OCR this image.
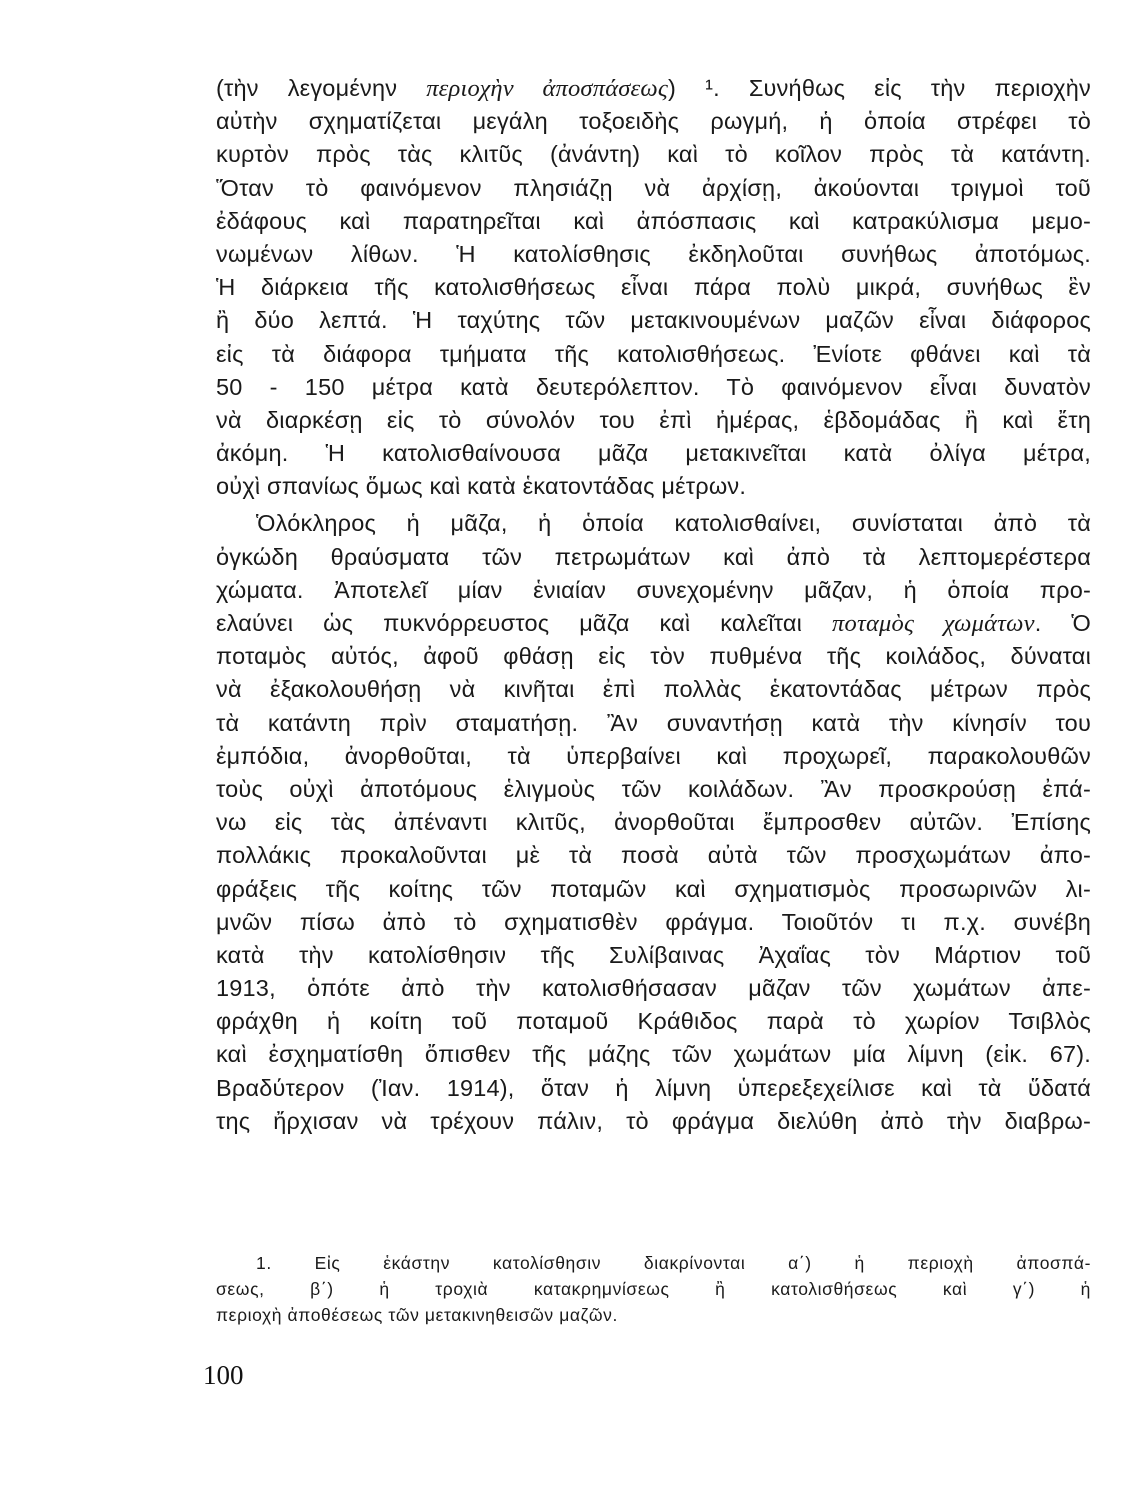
(τὴν λεγομένην περιοχὴν ἀποσπάσεως) ¹. Συνήθως εἰς τὴν περιοχὴν
αὐτὴν σχηματίζεται μεγάλη τοξοειδὴς ρωγμή, ἡ ὁποία στρέφει τὸ
κυρτὸν πρὸς τὰς κλιτῦς (ἀνάντη) καὶ τὸ κοῖλον πρὸς τὰ κατάντη.
Ὅταν τὸ φαινόμενον πλησιάζῃ νὰ ἀρχίσῃ, ἀκούονται τριγμοὶ τοῦ
ἐδάφους καὶ παρατηρεῖται καὶ ἀπόσπασις καὶ κατρακύλισμα μεμο-
νωμένων λίθων. Ἡ κατολίσθησις ἐκδηλοῦται συνήθως ἀποτόμως.
Ἡ διάρκεια τῆς κατολισθήσεως εἶναι πάρα πολὺ μικρά, συνήθως ἓν
ἢ δύο λεπτά. Ἡ ταχύτης τῶν μετακινουμένων μαζῶν εἶναι διάφορος
εἰς τὰ διάφορα τμήματα τῆς κατολισθήσεως. Ἐνίοτε φθάνει καὶ τὰ
50 - 150 μέτρα κατὰ δευτερόλεπτον. Τὸ φαινόμενον εἶναι δυνατὸν
νὰ διαρκέσῃ εἰς τὸ σύνολόν του ἐπὶ ἡμέρας, ἑβδομάδας ἢ καὶ ἔτη
ἀκόμη. Ἡ κατολισθαίνουσα μᾶζα μετακινεῖται κατὰ ὀλίγα μέτρα,
οὐχὶ σπανίως ὅμως καὶ κατὰ ἑκατοντάδας μέτρων.
Ὁλόκληρος ἡ μᾶζα, ἡ ὁποία κατολισθαίνει, συνίσταται ἀπὸ τὰ
ὀγκώδη θραύσματα τῶν πετρωμάτων καὶ ἀπὸ τὰ λεπτομερέστερα
χώματα. Ἀποτελεῖ μίαν ἑνιαίαν συνεχομένην μᾶζαν, ἡ ὁποία προ-
ελαύνει ὡς πυκνόρρευστος μᾶζα καὶ καλεῖται ποταμὸς χωμάτων. Ὁ
ποταμὸς αὐτός, ἀφοῦ φθάσῃ εἰς τὸν πυθμένα τῆς κοιλάδος, δύναται
νὰ ἐξακολουθήσῃ νὰ κινῆται ἐπὶ πολλὰς ἑκατοντάδας μέτρων πρὸς
τὰ κατάντη πρὶν σταματήσῃ. Ἂν συναντήσῃ κατὰ τὴν κίνησίν του
ἐμπόδια, ἀνορθοῦται, τὰ ὑπερβαίνει καὶ προχωρεῖ, παρακολουθῶν
τοὺς οὐχὶ ἀποτόμους ἑλιγμοὺς τῶν κοιλάδων. Ἂν προσκρούσῃ ἐπά-
νω εἰς τὰς ἀπέναντι κλιτῦς, ἀνορθοῦται ἔμπροσθεν αὐτῶν. Ἐπίσης
πολλάκις προκαλοῦνται μὲ τὰ ποσὰ αὐτὰ τῶν προσχωμάτων ἀπο-
φράξεις τῆς κοίτης τῶν ποταμῶν καὶ σχηματισμὸς προσωρινῶν λι-
μνῶν πίσω ἀπὸ τὸ σχηματισθὲν φράγμα. Τοιοῦτόν τι π.χ. συνέβη
κατὰ τὴν κατολίσθησιν τῆς Συλίβαινας Ἀχαΐας τὸν Μάρτιον τοῦ
1913, ὁπότε ἀπὸ τὴν κατολισθήσασαν μᾶζαν τῶν χωμάτων ἀπε-
φράχθη ἡ κοίτη τοῦ ποταμοῦ Κράθιδος παρὰ τὸ χωρίον Τσιβλὸς
καὶ ἐσχηματίσθη ὄπισθεν τῆς μάζης τῶν χωμάτων μία λίμνη (εἰκ. 67).
Βραδύτερον (Ἰαν. 1914), ὅταν ἡ λίμνη ὑπερεξεχείλισε καὶ τὰ ὕδατά
της ἤρχισαν νὰ τρέχουν πάλιν, τὸ φράγμα διελύθη ἀπὸ τὴν διαβρω-
1. Εἰς ἑκάστην κατολίσθησιν διακρίνονται α΄) ἡ περιοχὴ ἀποσπά-
σεως, β΄) ἡ τροχιὰ κατακρημνίσεως ἢ κατολισθήσεως καὶ γ΄) ἡ
περιοχὴ ἀποθέσεως τῶν μετακινηθεισῶν μαζῶν.
100
